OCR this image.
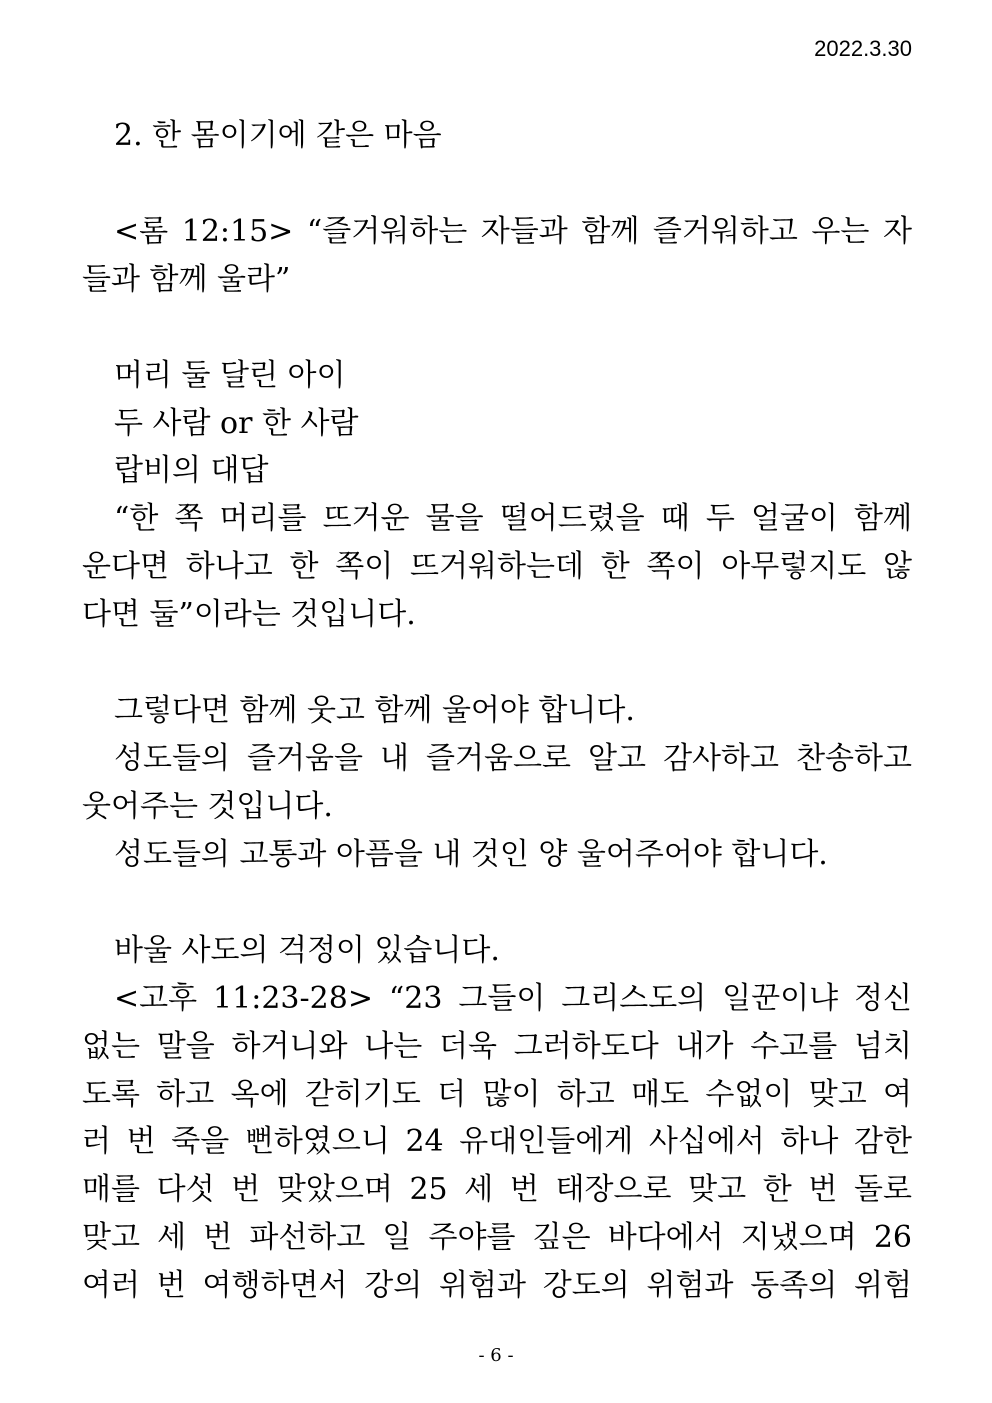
2022.3.30
2. 한 몸이기에 같은 마음
<롬 12:15> “즐거워하는 자들과 함께 즐거워하고 우는 자
들과 함께 울라”
머리 둘 달린 아이
두 사람 or 한 사람
랍비의 대답
“한 쪽 머리를 뜨거운 물을 떨어드렸을 때 두 얼굴이 함께
운다면 하나고 한 쪽이 뜨거워하는데 한 쪽이 아무렇지도 않
다면 둘”이라는 것입니다.
그렇다면 함께 웃고 함께 울어야 합니다.
성도들의 즐거움을 내 즐거움으로 알고 감사하고 찬송하고
웃어주는 것입니다.
성도들의 고통과 아픔을 내 것인 양 울어주어야 합니다.
바울 사도의 걱정이 있습니다.
<고후 11:23-28> “23 그들이 그리스도의 일꾼이냐 정신
없는 말을 하거니와 나는 더욱 그러하도다 내가 수고를 넘치
도록 하고 옥에 갇히기도 더 많이 하고 매도 수없이 맞고 여
러 번 죽을 뻔하였으니 24 유대인들에게 사십에서 하나 감한
매를 다섯 번 맞았으며 25 세 번 태장으로 맞고 한 번 돌로
맞고 세 번 파선하고 일 주야를 깊은 바다에서 지냈으며 26
여러 번 여행하면서 강의 위험과 강도의 위험과 동족의 위험
- 6 -
